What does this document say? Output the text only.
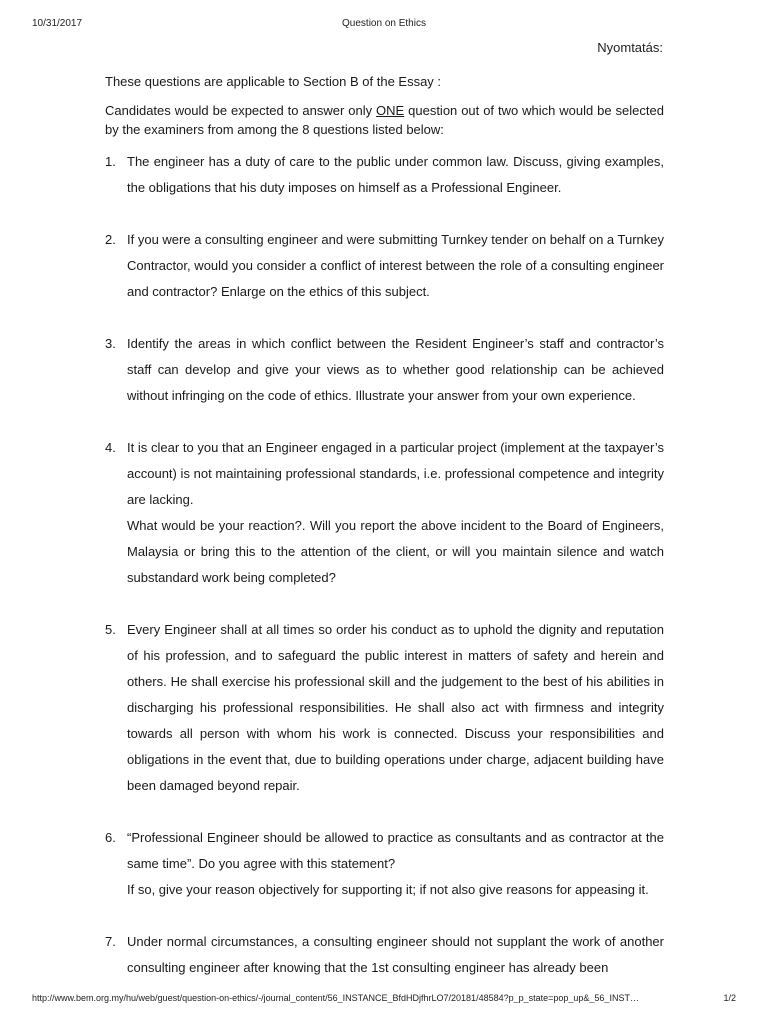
10/31/2017	Question on Ethics
Nyomtatás:

These questions are applicable to Section B of the Essay :

Candidates would be expected to answer only ONE question out of two which would be selected by the examiners from among the 8 questions listed below:

1. The engineer has a duty of care to the public under common law. Discuss, giving examples, the obligations that his duty imposes on himself as a Professional Engineer.

2. If you were a consulting engineer and were submitting Turnkey tender on behalf on a Turnkey Contractor, would you consider a conflict of interest between the role of a consulting engineer and contractor? Enlarge on the ethics of this subject.

3. Identify the areas in which conflict between the Resident Engineer’s staff and contractor’s staff can develop and give your views as to whether good relationship can be achieved without infringing on the code of ethics. Illustrate your answer from your own experience.

4. It is clear to you that an Engineer engaged in a particular project (implement at the taxpayer’s account) is not maintaining professional standards, i.e. professional competence and integrity are lacking.

What would be your reaction?. Will you report the above incident to the Board of Engineers, Malaysia or bring this to the attention of the client, or will you maintain silence and watch substandard work being completed?

5. Every Engineer shall at all times so order his conduct as to uphold the dignity and reputation of his profession, and to safeguard the public interest in matters of safety and herein and others. He shall exercise his professional skill and the judgement to the best of his abilities in discharging his professional responsibilities. He shall also act with firmness and integrity towards all person with whom his work is connected. Discuss your responsibilities and obligations in the event that, due to building operations under charge, adjacent building have been damaged beyond repair.

6. “Professional Engineer should be allowed to practice as consultants and as contractor at the same time”. Do you agree with this statement?

If so, give your reason objectively for supporting it; if not also give reasons for appeasing it.

7. Under normal circumstances, a consulting engineer should not supplant the work of another consulting engineer after knowing that the 1st consulting engineer has already been

http://www.bem.org.my/hu/web/guest/question-on-ethics/-/journal_content/56_INSTANCE_BfdHDjfhrLO7/20181/48584?p_p_state=pop_up&_56_INST…	1/2
